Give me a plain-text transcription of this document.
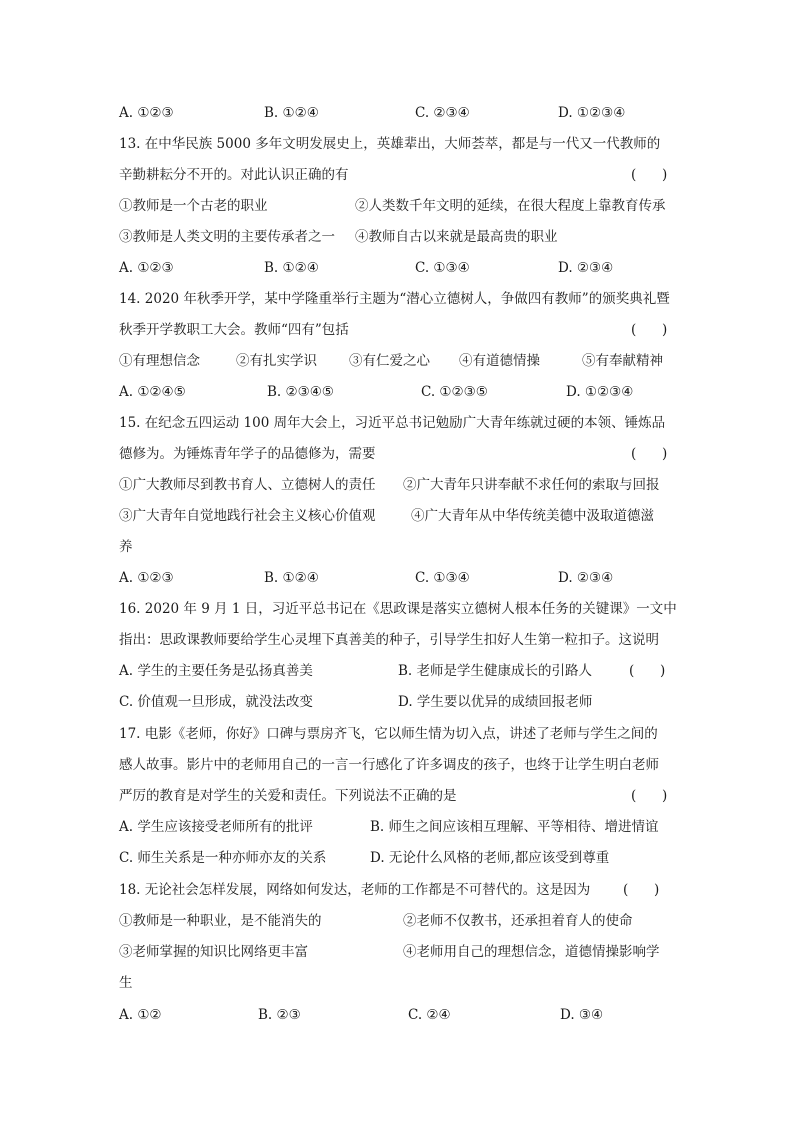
A. ①②③	B. ①②④	C. ②③④	D. ①②③④
13. 在中华民族 5000 多年文明发展史上，英雄辈出，大师荟萃，都是与一代又一代教师的
辛勤耕耘分不开的。对此认识正确的有	(      )
①教师是一个古老的职业	②人类数千年文明的延续，在很大程度上靠教育传承
③教师是人类文明的主要传承者之一 ④教师自古以来就是最高贵的职业
A. ①②③	B. ①②④	C. ①③④	D. ②③④
14. 2020 年秋季开学，某中学隆重举行主题为“潜心立德树人，争做四有教师”的颁奖典礼暨
秋季开学教职工大会。教师“四有”包括	(      )
①有理想信念	②有扎实学识 ③有仁爱之心 ④有道德情操	⑤有奉献精神
A. ①②④⑤	B. ②③④⑤	C. ①②③⑤	D. ①②③④
15. 在纪念五四运动 100 周年大会上，习近平总书记勉励广大青年练就过硬的本领、锤炼品
德修为。为锤炼青年学子的品德修为，需要	(      )
①广大教师尽到教书育人、立德树人的责任 ②广大青年只讲奉献不求任何的索取与回报
③广大青年自觉地践行社会主义核心价值观	④广大青年从中华传统美德中汲取道德滋
养
A. ①②③	B. ①②④	C. ①③④	D. ②③④
16. 2020 年 9 月 1 日，习近平总书记在《思政课是落实立德树人根本任务的关键课》一文中
指出：思政课教师要给学生心灵埋下真善美的种子，引导学生扣好人生第一粒扣子。这说明
A. 学生的主要任务是弘扬真善美	B. 老师是学生健康成长的引路人	(      )
C. 价值观一旦形成，就没法改变	D. 学生要以优异的成绩回报老师
17. 电影《老师，你好》口碑与票房齐飞，它以师生情为切入点，讲述了老师与学生之间的
感人故事。影片中的老师用自己的一言一行感化了许多调皮的孩子，也终于让学生明白老师
严厉的教育是对学生的关爱和责任。下列说法不正确的是	(      )
A. 学生应该接受老师所有的批评	B. 师生之间应该相互理解、平等相待、增进情谊
C. 师生关系是一种亦师亦友的关系	D. 无论什么风格的老师,都应该受到尊重
18. 无论社会怎样发展，网络如何发达，老师的工作都是不可替代的。这是因为 (      )
①教师是一种职业，是不能消失的	②老师不仅教书，还承担着育人的使命
③老师掌握的知识比网络更丰富	④老师用自己的理想信念，道德情操影响学
生
A. ①②	B. ②③	C. ②④	D. ③④
